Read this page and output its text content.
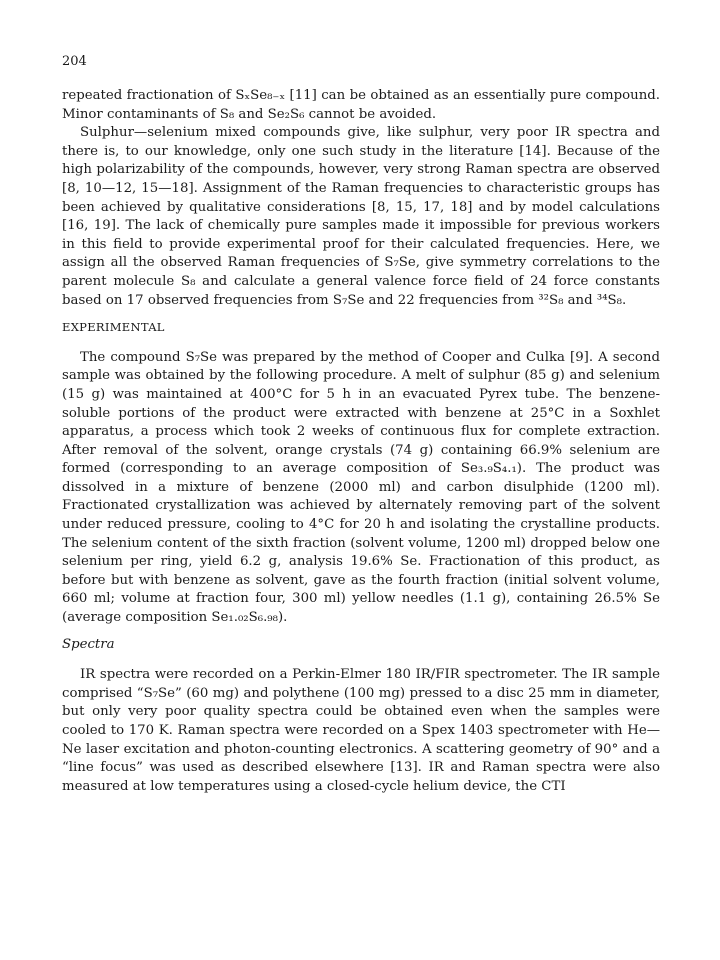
204

repeated fractionation of SₓSe₈₋ₓ [11] can be obtained as an essentially pure compound. Minor contaminants of S₈ and Se₂S₆ cannot be avoided.

Sulphur—selenium mixed compounds give, like sulphur, very poor IR spectra and there is, to our knowledge, only one such study in the literature [14]. Because of the high polarizability of the compounds, however, very strong Raman spectra are observed [8, 10—12, 15—18]. Assignment of the Raman frequencies to characteristic groups has been achieved by qualitative considerations [8, 15, 17, 18] and by model calculations [16, 19]. The lack of chemically pure samples made it impossible for previous workers in this field to provide experimental proof for their calculated frequencies. Here, we assign all the observed Raman frequencies of S₇Se, give symmetry correlations to the parent molecule S₈ and calculate a general valence force field of 24 force constants based on 17 observed frequencies from S₇Se and 22 frequencies from ³²S₈ and ³⁴S₈.

EXPERIMENTAL

The compound S₇Se was prepared by the method of Cooper and Culka [9]. A second sample was obtained by the following procedure. A melt of sulphur (85 g) and selenium (15 g) was maintained at 400°C for 5 h in an evacuated Pyrex tube. The benzene-soluble portions of the product were extracted with benzene at 25°C in a Soxhlet apparatus, a process which took 2 weeks of continuous flux for complete extraction. After removal of the solvent, orange crystals (74 g) containing 66.9% selenium are formed (corresponding to an average composition of Se₃.₉S₄.₁). The product was dissolved in a mixture of benzene (2000 ml) and carbon disulphide (1200 ml). Fractionated crystallization was achieved by alternately removing part of the solvent under reduced pressure, cooling to 4°C for 20 h and isolating the crystalline products. The selenium content of the sixth fraction (solvent volume, 1200 ml) dropped below one selenium per ring, yield 6.2 g, analysis 19.6% Se. Fractionation of this product, as before but with benzene as solvent, gave as the fourth fraction (initial solvent volume, 660 ml; volume at fraction four, 300 ml) yellow needles (1.1 g), containing 26.5% Se (average composition Se₁.₀₂S₆.₉₈).

Spectra

IR spectra were recorded on a Perkin-Elmer 180 IR/FIR spectrometer. The IR sample comprised “S₇Se” (60 mg) and polythene (100 mg) pressed to a disc 25 mm in diameter, but only very poor quality spectra could be obtained even when the samples were cooled to 170 K. Raman spectra were recorded on a Spex 1403 spectrometer with He—Ne laser excitation and photon-counting electronics. A scattering geometry of 90° and a “line focus” was used as described elsewhere [13]. IR and Raman spectra were also measured at low temperatures using a closed-cycle helium device, the CTI
